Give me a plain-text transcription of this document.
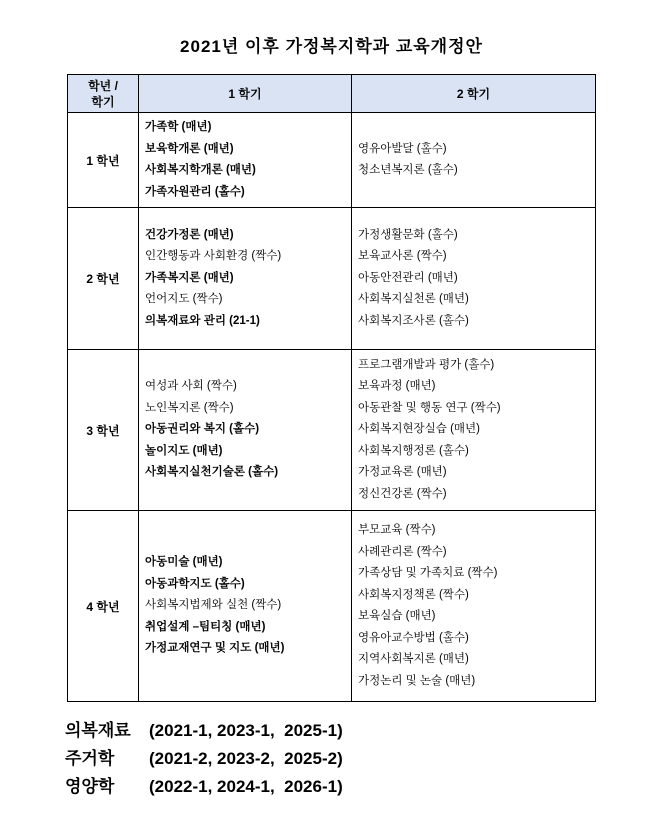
2021년 이후 가정복지학과 교육개정안
학년 /
학기	1 학기	2 학기
1 학년	
가족학 (매년)
보육학개론 (매년)
사회복지학개론 (매년)
가족자원관리 (홀수)

영유아발달 (홀수)
청소년복지론 (홀수)

2 학년	
건강가정론 (매년)
인간행동과 사회환경 (짝수)
가족복지론 (매년)
언어지도 (짝수)
의복재료와 관리 (21-1)

가정생활문화 (홀수)
보육교사론 (짝수)
아동안전관리 (매년)
사회복지실천론 (매년)
사회복지조사론 (홀수)

3 학년	
여성과 사회 (짝수)
노인복지론 (짝수)
아동권리와 복지 (홀수)
놀이지도 (매년)
사회복지실천기술론 (홀수)

프로그램개발과 평가 (홀수)
보육과정 (매년)
아동관찰 및 행동 연구 (짝수)
사회복지현장실습 (매년)
사회복지행정론 (홀수)
가정교육론 (매년)
정신건강론 (짝수)

4 학년	
아동미술 (매년)
아동과학지도 (홀수)
사회복지법제와 실천 (짝수)
취업설계 –팀티칭 (매년)
가정교재연구 및 지도 (매년)

부모교육 (짝수)
사례관리론 (짝수)
가족상담 및 가족치료 (짝수)
사회복지정책론 (짝수)
보육실습 (매년)
영유아교수방법 (홀수)
지역사회복지론 (매년)
가정논리 및 논술 (매년)
의복재료	(2021-1, 2023-1,  2025-1)
주거학	(2021-2, 2023-2,  2025-2)
영양학	(2022-1, 2024-1,  2026-1)
